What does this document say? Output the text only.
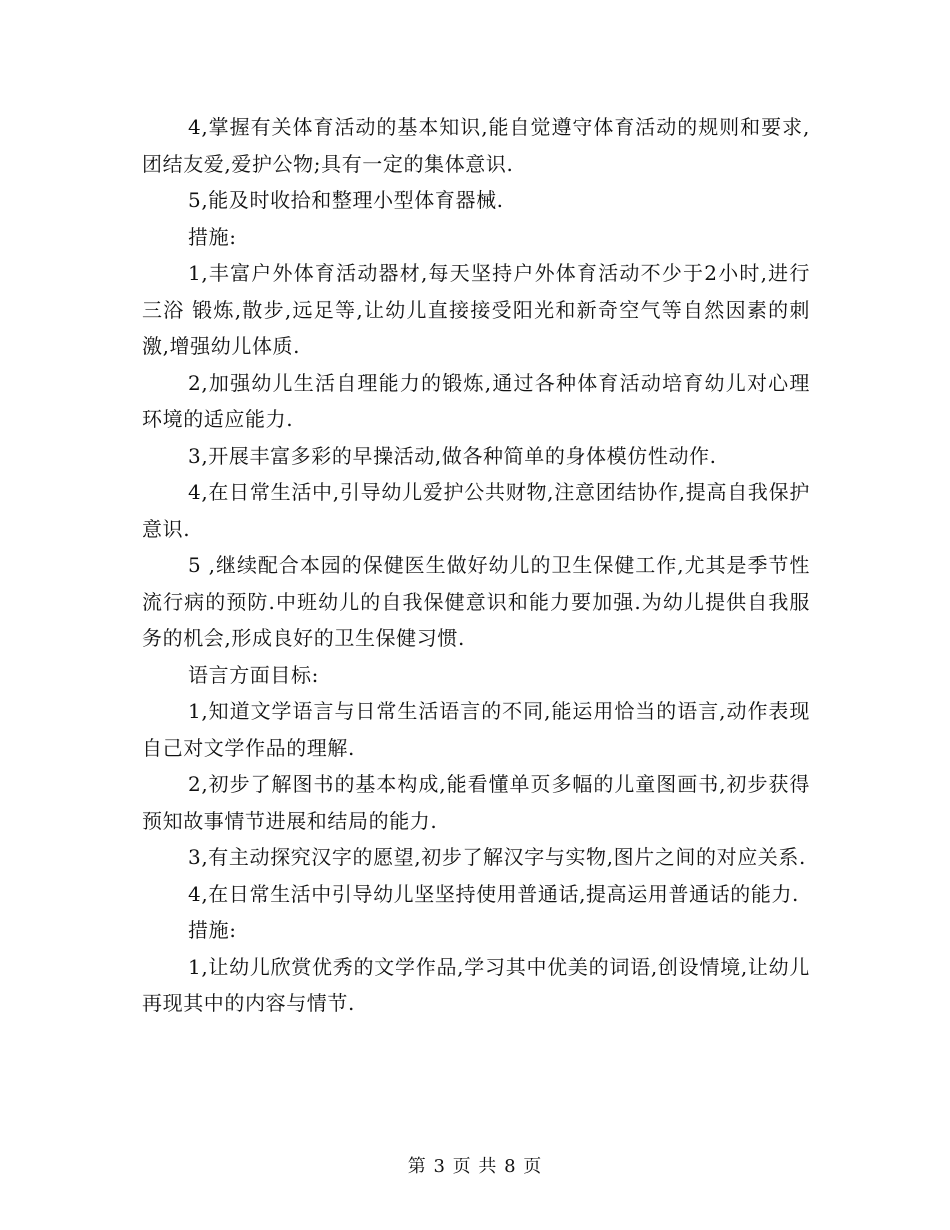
4,掌握有关体育活动的基本知识,能自觉遵守体育活动的规则和要求,团结友爱,爱护公物;具有一定的集体意识.

5,能及时收拾和整理小型体育器械.

措施:

1,丰富户外体育活动器材,每天坚持户外体育活动不少于2小时,进行 三浴 锻炼,散步,远足等,让幼儿直接接受阳光和新奇空气等自然因素的刺激,增强幼儿体质.

2,加强幼儿生活自理能力的锻炼,通过各种体育活动培育幼儿对心理环境的适应能力.

3,开展丰富多彩的早操活动,做各种简单的身体模仿性动作.

4,在日常生活中,引导幼儿爱护公共财物,注意团结协作,提高自我保护意识.

5 ,继续配合本园的保健医生做好幼儿的卫生保健工作,尤其是季节性流行病的预防.中班幼儿的自我保健意识和能力要加强.为幼儿提供自我服务的机会,形成良好的卫生保健习惯.

语言方面目标:

1,知道文学语言与日常生活语言的不同,能运用恰当的语言,动作表现自己对文学作品的理解.

2,初步了解图书的基本构成,能看懂单页多幅的儿童图画书,初步获得预知故事情节进展和结局的能力.

3,有主动探究汉字的愿望,初步了解汉字与实物,图片之间的对应关系.

4,在日常生活中引导幼儿坚坚持使用普通话,提高运用普通话的能力.

措施:

1,让幼儿欣赏优秀的文学作品,学习其中优美的词语,创设情境,让幼儿再现其中的内容与情节.

第 3 页 共 8 页
